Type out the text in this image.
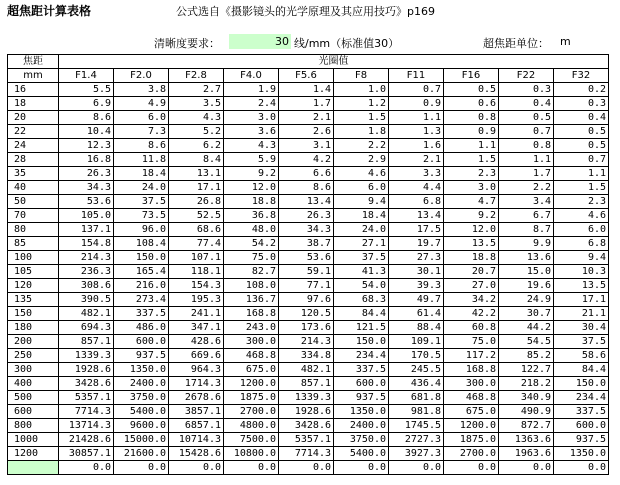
超焦距计算表格	公式选自《摄影镜头的光学原理及其应用技巧》p169
清晰度要求：	30 线/mm（标准值30）	超焦距单位： m
焦距	光圈值									
mm	F1.4	F2.0	F2.8	F4.0	F5.6	F8	F11	F16	F22	F32
16	5.5	3.8	2.7	1.9	1.4	1.0	0.7	0.5	0.3	0.2
18	6.9	4.9	3.5	2.4	1.7	1.2	0.9	0.6	0.4	0.3
20	8.6	6.0	4.3	3.0	2.1	1.5	1.1	0.8	0.5	0.4
22	10.4	7.3	5.2	3.6	2.6	1.8	1.3	0.9	0.7	0.5
24	12.3	8.6	6.2	4.3	3.1	2.2	1.6	1.1	0.8	0.5
28	16.8	11.8	8.4	5.9	4.2	2.9	2.1	1.5	1.1	0.7
35	26.3	18.4	13.1	9.2	6.6	4.6	3.3	2.3	1.7	1.1
40	34.3	24.0	17.1	12.0	8.6	6.0	4.4	3.0	2.2	1.5
50	53.6	37.5	26.8	18.8	13.4	9.4	6.8	4.7	3.4	2.3
70	105.0	73.5	52.5	36.8	26.3	18.4	13.4	9.2	6.7	4.6
80	137.1	96.0	68.6	48.0	34.3	24.0	17.5	12.0	8.7	6.0
85	154.8	108.4	77.4	54.2	38.7	27.1	19.7	13.5	9.9	6.8
100	214.3	150.0	107.1	75.0	53.6	37.5	27.3	18.8	13.6	9.4
105	236.3	165.4	118.1	82.7	59.1	41.3	30.1	20.7	15.0	10.3
120	308.6	216.0	154.3	108.0	77.1	54.0	39.3	27.0	19.6	13.5
135	390.5	273.4	195.3	136.7	97.6	68.3	49.7	34.2	24.9	17.1
150	482.1	337.5	241.1	168.8	120.5	84.4	61.4	42.2	30.7	21.1
180	694.3	486.0	347.1	243.0	173.6	121.5	88.4	60.8	44.2	30.4
200	857.1	600.0	428.6	300.0	214.3	150.0	109.1	75.0	54.5	37.5
250	1339.3	937.5	669.6	468.8	334.8	234.4	170.5	117.2	85.2	58.6
300	1928.6	1350.0	964.3	675.0	482.1	337.5	245.5	168.8	122.7	84.4
400	3428.6	2400.0	1714.3	1200.0	857.1	600.0	436.4	300.0	218.2	150.0
500	5357.1	3750.0	2678.6	1875.0	1339.3	937.5	681.8	468.8	340.9	234.4
600	7714.3	5400.0	3857.1	2700.0	1928.6	1350.0	981.8	675.0	490.9	337.5
800	13714.3	9600.0	6857.1	4800.0	3428.6	2400.0	1745.5	1200.0	872.7	600.0
1000	21428.6	15000.0	10714.3	7500.0	5357.1	3750.0	2727.3	1875.0	1363.6	937.5
1200	30857.1	21600.0	15428.6	10800.0	7714.3	5400.0	3927.3	2700.0	1963.6	1350.0
	0.0	0.0	0.0	0.0	0.0	0.0	0.0	0.0	0.0	0.0
